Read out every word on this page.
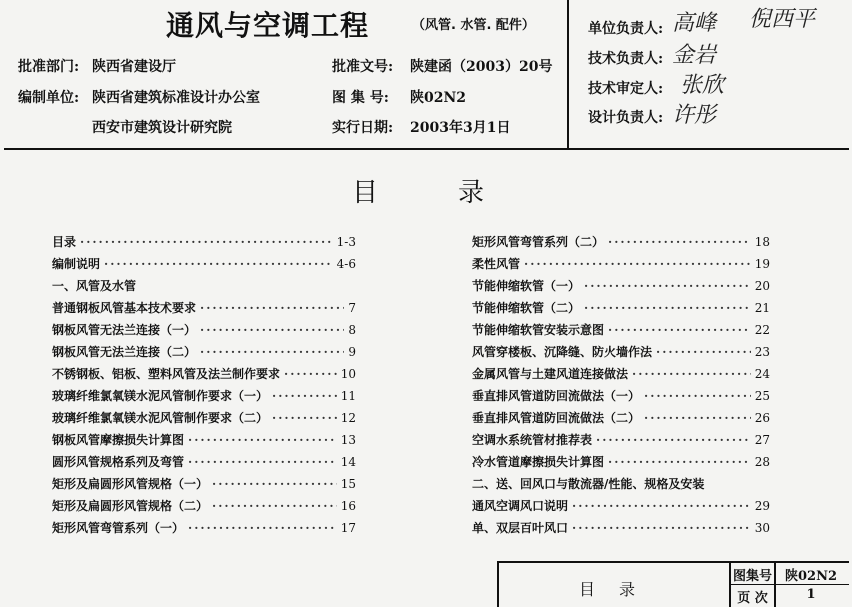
通风与空调工程	（风管. 水管. 配件）
批准部门: 陕西省建设厅
编制单位: 陕西省建筑标准设计办公室
西安市建筑设计研究院
批准文号: 陕建函（2003）20号
图 集 号: 陕02N2
实行日期: 2003年3月1日
单位负责人: 高峰 倪西平
技术负责人: 金岩
技术审定人: 张欣
设计负责人: 许彤
目	录
目录 ·····	1-3
编制说明 ·····	4-6
一、风管及水管
普通钢板风管基本技术要求 ·····	7
钢板风管无法兰连接（一） ·····	8
钢板风管无法兰连接（二） ·····	9
不锈钢板、铝板、塑料风管及法兰制作要求 ·····	10
玻璃纤维氯氧镁水泥风管制作要求（一） ·····	11
玻璃纤维氯氧镁水泥风管制作要求（二） ·····	12
钢板风管摩擦损失计算图 ·····	13
圆形风管规格系列及弯管 ·····	14
矩形及扁圆形风管规格（一） ·····	15
矩形及扁圆形风管规格（二） ·····	16
矩形风管弯管系列（一） ·····	17
矩形风管弯管系列（二） ·····	18
柔性风管 ·····	19
节能伸缩软管（一） ·····	20
节能伸缩软管（二） ·····	21
节能伸缩软管安装示意图 ·····	22
风管穿楼板、沉降缝、防火墙作法 ·····	23
金属风管与土建风道连接做法 ·····	24
垂直排风管道防回流做法（一） ·····	25
垂直排风管道防回流做法（二） ·····	26
空调水系统管材推荐表 ·····	27
冷水管道摩擦损失计算图 ·····	28
二、送、回风口与散流器/性能、规格及安装
通风空调风口说明 ·····	29
单、双层百叶风口 ·····	30
目　录
图集号 陕02N2
页 次	1
